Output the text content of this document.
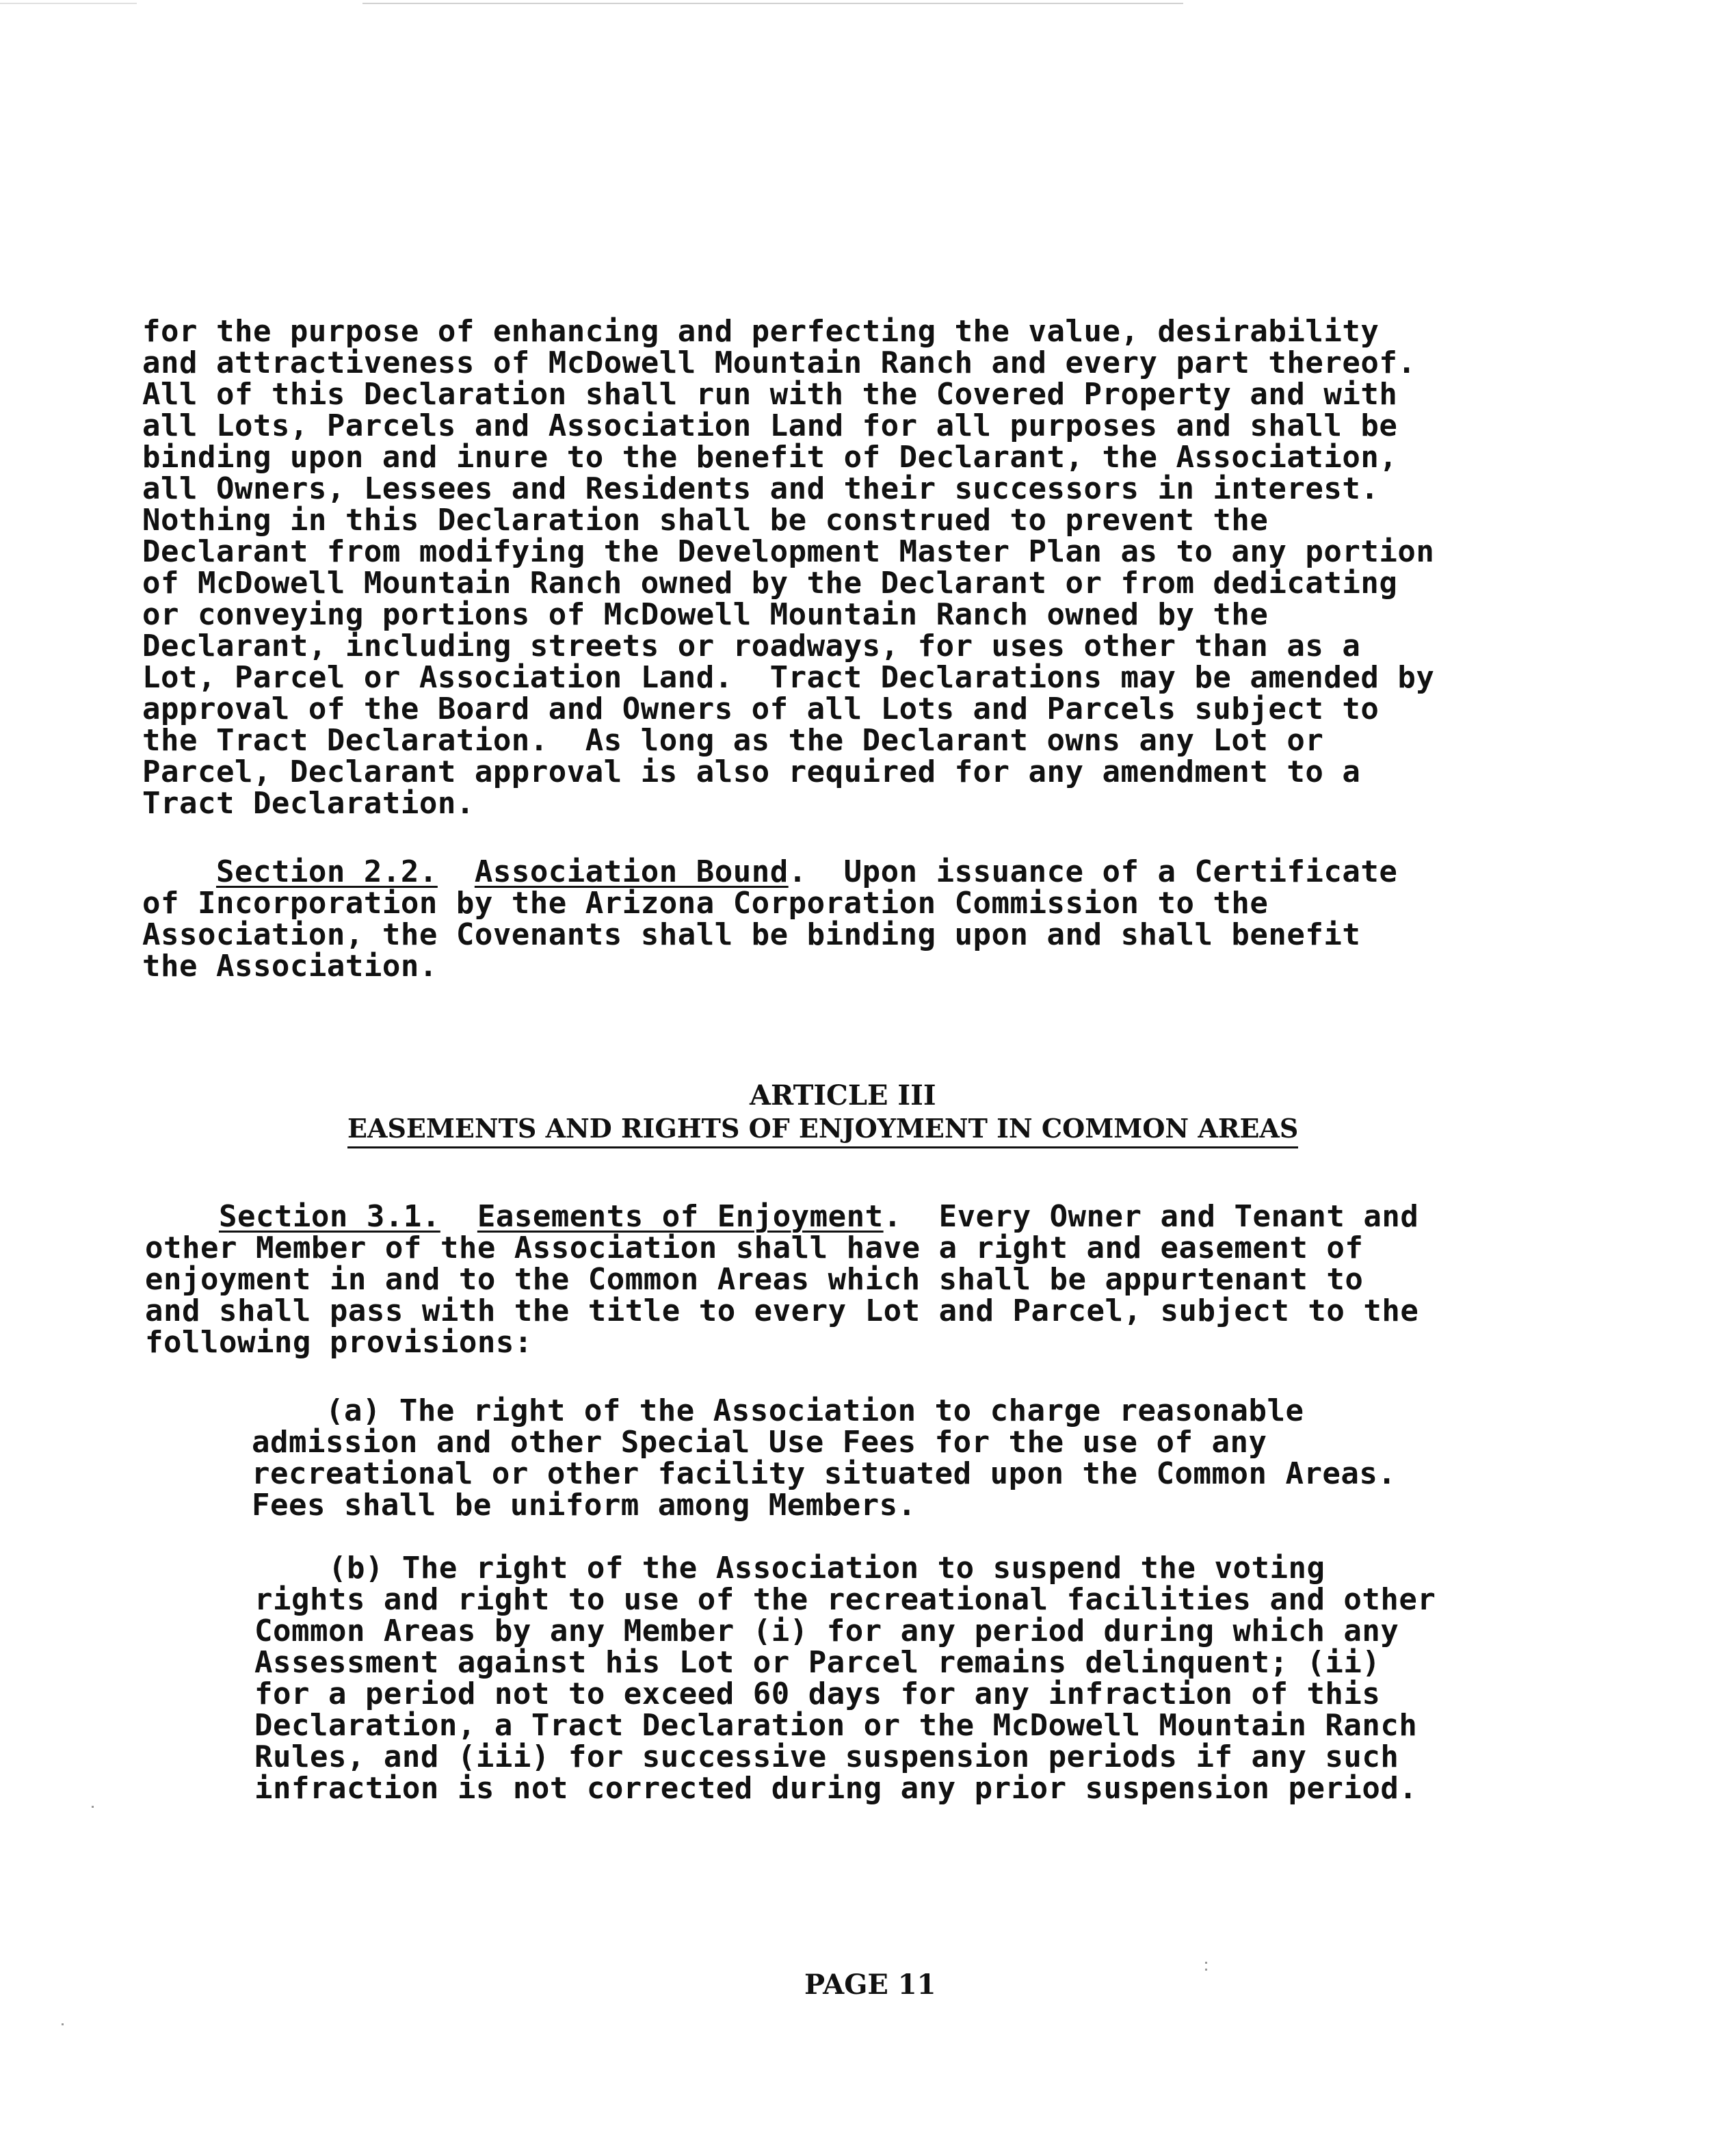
for the purpose of enhancing and perfecting the value, desirability
and attractiveness of McDowell Mountain Ranch and every part thereof.
All of this Declaration shall run with the Covered Property and with
all Lots, Parcels and Association Land for all purposes and shall be
binding upon and inure to the benefit of Declarant, the Association,
all Owners, Lessees and Residents and their successors in interest.
Nothing in this Declaration shall be construed to prevent the
Declarant from modifying the Development Master Plan as to any portion
of McDowell Mountain Ranch owned by the Declarant or from dedicating
or conveying portions of McDowell Mountain Ranch owned by the
Declarant, including streets or roadways, for uses other than as a
Lot, Parcel or Association Land.  Tract Declarations may be amended by
approval of the Board and Owners of all Lots and Parcels subject to
the Tract Declaration.  As long as the Declarant owns any Lot or
Parcel, Declarant approval is also required for any amendment to a
Tract Declaration.
Section 2.2. Association Bound.  Upon issuance of a Certificate
of Incorporation by the Arizona Corporation Commission to the
Association, the Covenants shall be binding upon and shall benefit
the Association.
ARTICLE III
EASEMENTS AND RIGHTS OF ENJOYMENT IN COMMON AREAS
Section 3.1. Easements of Enjoyment.  Every Owner and Tenant and
other Member of the Association shall have a right and easement of
enjoyment in and to the Common Areas which shall be appurtenant to
and shall pass with the title to every Lot and Parcel, subject to the
following provisions:
(a) The right of the Association to charge reasonable
admission and other Special Use Fees for the use of any
recreational or other facility situated upon the Common Areas.
Fees shall be uniform among Members.
(b) The right of the Association to suspend the voting
rights and right to use of the recreational facilities and other
Common Areas by any Member (i) for any period during which any
Assessment against his Lot or Parcel remains delinquent; (ii)
for a period not to exceed 60 days for any infraction of this
Declaration, a Tract Declaration or the McDowell Mountain Ranch
Rules, and (iii) for successive suspension periods if any such
infraction is not corrected during any prior suspension period.
PAGE 11
